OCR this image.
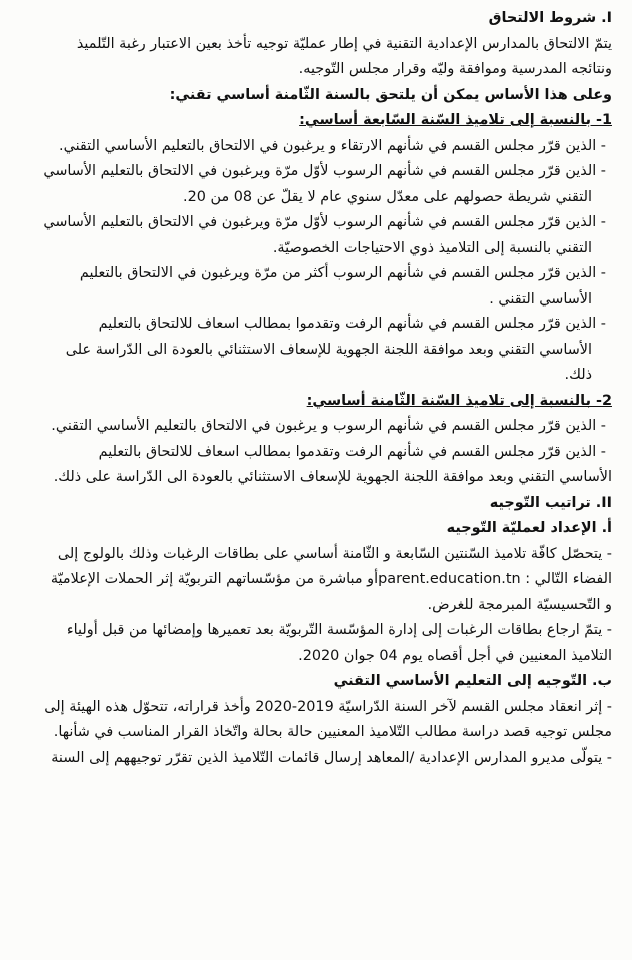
I. شروط الالتحاق

يتمّ الالتحاق بالمدارس الإعدادية التقنية في إطار عمليّة توجيه تأخذ بعين الاعتبار رغبة التّلميذ

ونتائجه المدرسية وموافقة وليّه وقرار مجلس التّوجيه.

وعلى هذا الأساس يمكن أن يلتحق بالسنة الثّامنة أساسي تقني:

1- بالنسبة إلى تلاميذ السّنة السّابعة أساسي:

- الذين قرّر مجلس القسم في شأنهم الارتقاء و يرغبون في الالتحاق بالتعليم الأساسي التقني.

- الذين قرّر مجلس القسم في شأنهم الرسوب لأوّل مرّة ويرغبون في الالتحاق بالتعليم الأساسي

التقني شريطة حصولهم على معدّل سنوي عام لا يقلّ عن 08 من 20.

- الذين قرّر مجلس القسم في شأنهم الرسوب لأوّل مرّة ويرغبون في الالتحاق بالتعليم الأساسي

التقني بالنسبة إلى التلاميذ ذوي الاحتياجات الخصوصيّة.

- الذين قرّر مجلس القسم في شأنهم الرسوب أكثر من مرّة ويرغبون في الالتحاق بالتعليم

الأساسي التقني .

- الذين قرّر مجلس القسم في شأنهم الرفت وتقدموا بمطالب اسعاف للالتحاق بالتعليم

الأساسي التقني وبعد موافقة اللجنة الجهوية للإسعاف الاستثنائي بالعودة الى الدّراسة على

ذلك.

2- بالنسبة إلى تلاميذ السّنة الثّامنة أساسي:

- الذين قرّر مجلس القسم في شأنهم الرسوب و يرغبون في الالتحاق بالتعليم الأساسي التقني.

- الذين قرّر مجلس القسم في شأنهم الرفت وتقدموا بمطالب اسعاف للالتحاق بالتعليم

الأساسي التقني وبعد موافقة اللجنة الجهوية للإسعاف الاستثنائي بالعودة الى الدّراسة على ذلك.

II. تراتيب التّوجيه

أ. الإعداد لعمليّة التّوجيه

- يتحصّل كافّة تلاميذ السّنتين السّابعة و الثّامنة أساسي على بطاقات الرغبات وذلك بالولوج إلى

الفضاء التّالي : parent.education.tnأو مباشرة من مؤسّساتهم التربويّة إثر الحملات الإعلاميّة

و التّحسيسيّة المبرمجة للغرض.

- يتمّ ارجاع بطاقات الرغبات إلى إدارة المؤسّسة التّربويّة بعد تعميرها وإمضائها من قبل أولياء

التلاميذ المعنيين في أجل أقصاه يوم 04 جوان 2020.

ب. التّوجيه إلى التعليم الأساسي التقني

- إثر انعقاد مجلس القسم لآخر السنة الدّراسيّة 2019-2020 وأخذ قراراته، تتحوّل هذه الهيئة إلى

مجلس توجيه قصد دراسة مطالب التّلاميذ المعنيين حالة بحالة واتّخاذ القرار المناسب في شأنها.

- يتولّى مديرو المدارس الإعدادية /المعاهد إرسال قائمات التّلاميذ الذين تقرّر توجيههم إلى السنة
